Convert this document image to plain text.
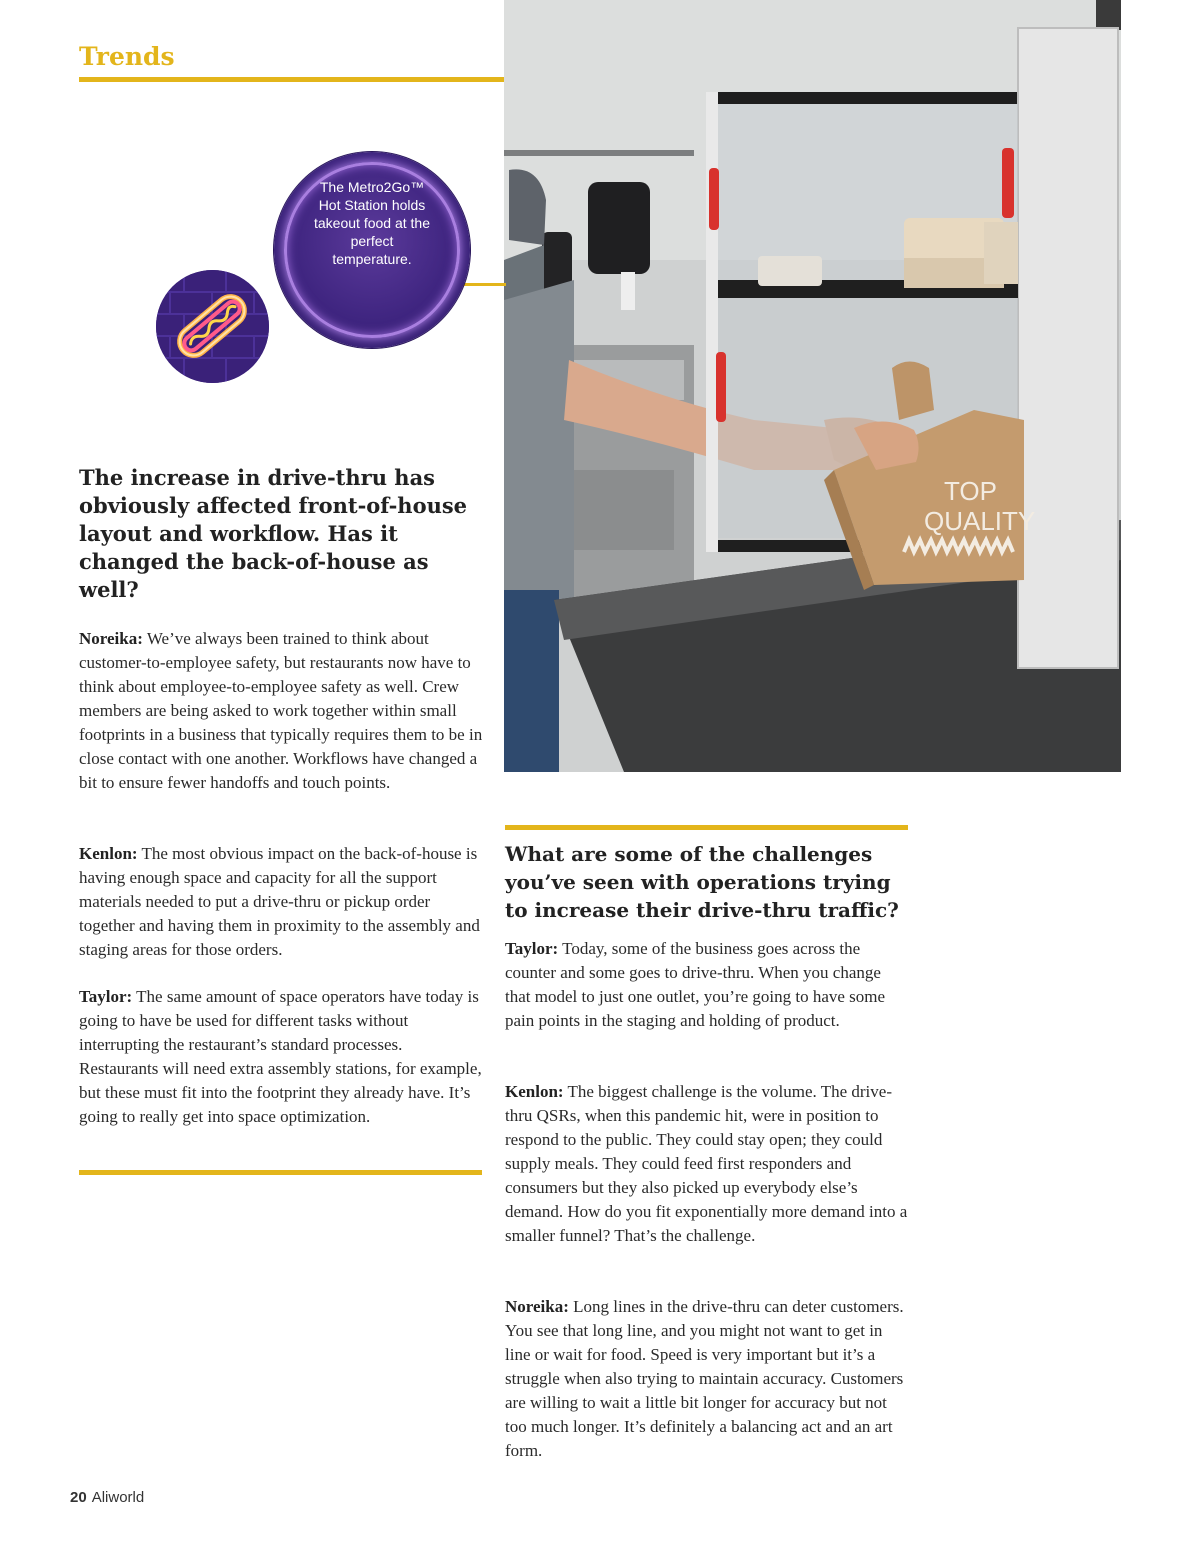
Trends
TOP
QUALITY

The Metro2Go™ Hot Station holds takeout food at the perfect temperature.

The increase in drive-thru has obviously affected front-of-house layout and workflow. Has it changed the back-of-house as well?

Noreika: We’ve always been trained to think about customer-to-employee safety, but restaurants now have to think about employee-to-employee safety as well. Crew members are being asked to work together within small footprints in a business that typically requires them to be in close contact with one another. Workflows have changed a bit to ensure fewer handoffs and touch points.

Kenlon: The most obvious impact on the back-of-house is having enough space and capacity for all the support materials needed to put a drive-thru or pickup order together and having them in proximity to the assembly and staging areas for those orders.

Taylor: The same amount of space operators have today is going to have be used for different tasks without interrupting the restaurant’s standard processes. Restaurants will need extra assembly stations, for example, but these must fit into the footprint they already have. It’s going to really get into space optimization.

What are some of the challenges you’ve seen with operations trying to increase their drive-thru traffic?

Taylor: Today, some of the business goes across the counter and some goes to drive-thru. When you change that model to just one outlet, you’re going to have some pain points in the staging and holding of product.

Kenlon: The biggest challenge is the volume. The drive-thru QSRs, when this pandemic hit, were in position to respond to the public. They could stay open; they could supply meals. They could feed first responders and consumers but they also picked up everybody else’s demand. How do you fit exponentially more demand into a smaller funnel? That’s the challenge.

Noreika: Long lines in the drive-thru can deter customers. You see that long line, and you might not want to get in line or wait for food. Speed is very important but it’s a struggle when also trying to maintain accuracy. Customers are willing to wait a little bit longer for accuracy but not too much longer. It’s definitely a balancing act and an art form.

20 Aliworld
